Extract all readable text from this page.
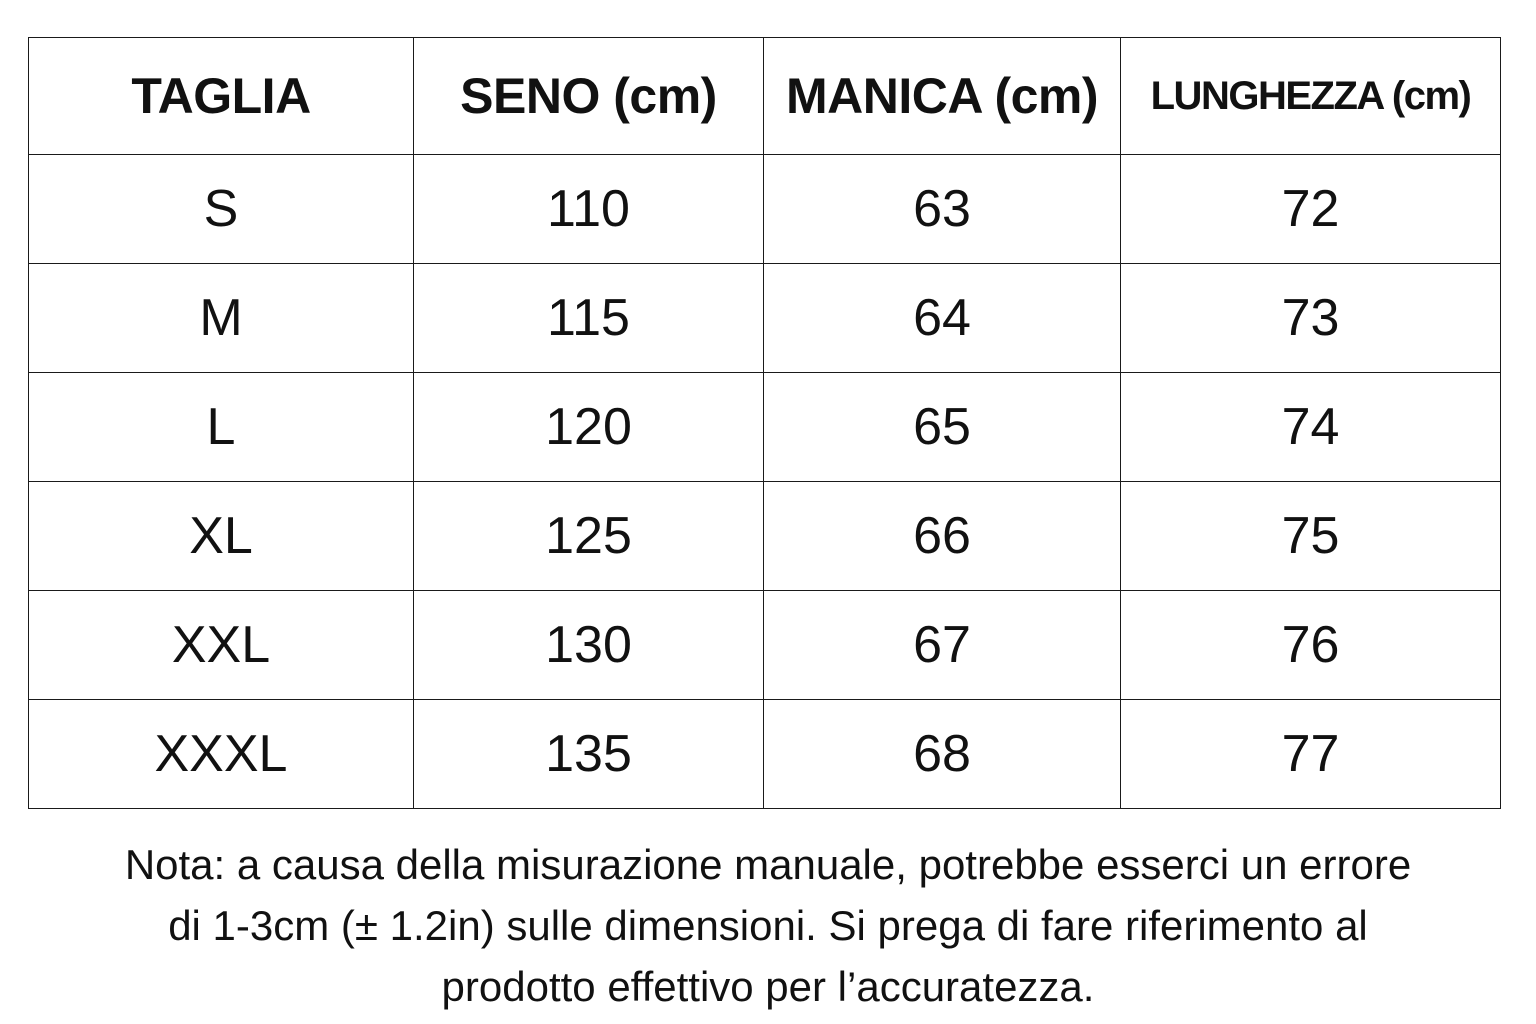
TAGLIA	SENO (cm)	MANICA (cm)	LUNGHEZZA (cm)
S	110	63	72
M	115	64	73
L	120	65	74
XL	125	66	75
XXL	130	67	76
XXXL	135	68	77

Nota: a causa della misurazione manuale, potrebbe esserci un errore
di 1-3cm (± 1.2in) sulle dimensioni. Si prega di fare riferimento al
prodotto effettivo per l’accuratezza.
